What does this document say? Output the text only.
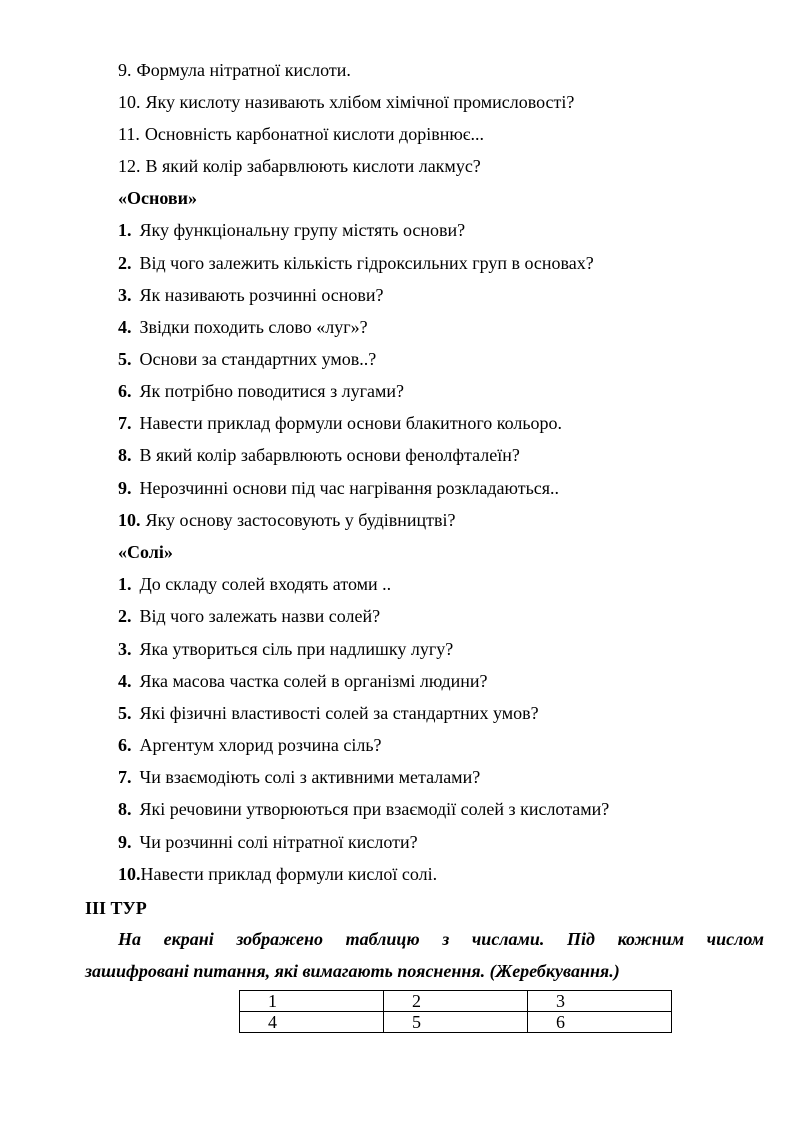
9. Формула нітратної кислоти.
10. Яку кислоту називають хлібом хімічної промисловості?
11. Основність карбонатної кислоти дорівнює...
12. В який колір забарвлюють кислоти лакмус?
«Основи»
1. Яку функціональну групу містять основи?
2. Від чого залежить кількість гідроксильних груп в основах?
3. Як називають розчинні основи?
4. Звідки походить слово «луг»?
5. Основи за стандартних умов..?
6. Як потрібно поводитися з лугами?
7. Навести приклад формули основи блакитного кольоро.
8. В який колір забарвлюють основи фенолфталеїн?
9. Нерозчинні основи під час нагрівання розкладаються..
10. Яку основу застосовують у будівництві?
«Солі»
1. До складу солей входять атоми ..
2. Від чого залежать назви солей?
3. Яка утвориться сіль при надлишку лугу?
4. Яка масова частка солей в організмі людини?
5. Які фізичні властивості солей за стандартних умов?
6. Аргентум хлорид розчина сіль?
7. Чи взаємодіють солі з активними металами?
8. Які речовини утворюються при взаємодії солей з кислотами?
9. Чи розчинні солі нітратної кислоти?
10.Навести приклад формули кислої солі.
ІІІ ТУР
На екрані зображено таблицю з числами. Під кожним числом
зашифровані питання, які вимагають пояснення. (Жеребкування.)
1	2	3
4	5	6
